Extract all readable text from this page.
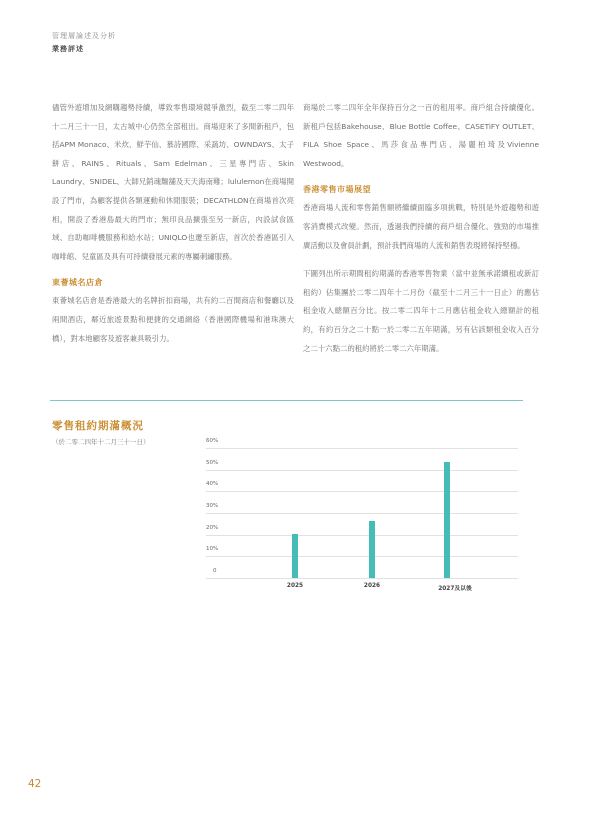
管理層論述及分析
業務評述

儘管外遊增加及網購趨勢持續，導致零售環境競爭激烈，截至二零二四年十二月三十一日，太古城中心仍然全部租出。商場迎來了多間新租戶，包括APM Monaco、米炊、鮮芋仙、慕詩國際、采蔬坊、OWNDAYS、太子餅店、RAINS、Rituals、Sam Edelman、三星專門店、Skin Laundry、SNIDEL、大師兄銷魂麵舖及天天海南雞；lululemon在商場開設了門市，為顧客提供各類運動和休閒服裝；DECATHLON在商場首次亮相，開設了香港島最大的門市；無印良品擴張至另一新店，內設試食區域、自助咖啡機服務和給水站；UNIQLO也遷至新店，首次於香港區引入咖啡館、兒童區及具有可持續發展元素的專屬刺繡服務。

東薈城名店倉

東薈城名店倉是香港最大的名牌折扣商場，共有約二百間商店和餐廳以及兩間酒店，鄰近旅遊景點和便捷的交通網絡（香港國際機場和港珠澳大橋），對本地顧客及遊客兼具吸引力。

商場於二零二四年全年保持百分之一百的租用率。商戶組合持續優化。新租戶包括Bakehouse、Blue Bottle Coffee、CASETiFY OUTLET、FILA Shoe Space、馬莎食品專門店、湯麗柏琦及Vivienne Westwood。

香港零售市場展望

香港商場人流和零售銷售額將繼續面臨多項挑戰，特別是外遊趨勢和遊客消費模式改變。然而，透過我們持續的商戶組合優化、強勁的市場推廣活動以及會員計劃，預計我們商場的人流和銷售表現將保持堅穩。

下圖列出所示期間租約期滿的香港零售物業（當中並無承諾續租或新訂租約）佔集團於二零二四年十二月份（截至十二月三十一日止）的應佔租金收入總額百分比。按二零二四年十二月應佔租金收入總額計的租約，有約百分之二十點一於二零二五年期滿，另有佔該類租金收入百分之二十六點二的租約將於二零二六年期滿。

零售租約期滿概況
（於二零二四年十二月三十一日）
0
10%
20%
30%
40%
50%
60%
2025	2026	2027及以後
42
